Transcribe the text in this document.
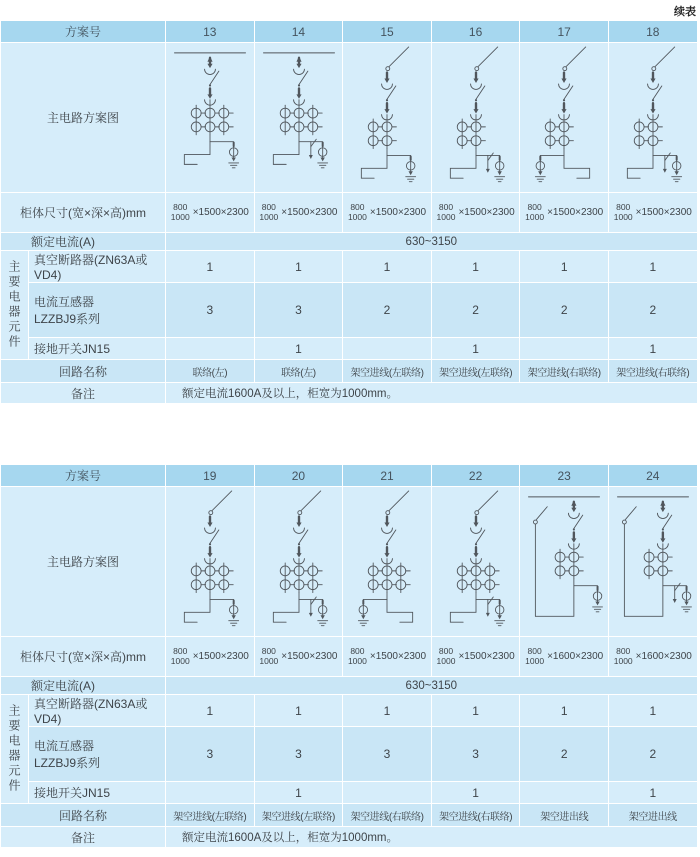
续表
方案号		13	14	15	16	17	18
主电路方案图	

柜体尺寸(宽×深×高)mm		800
1000 ×1500×2300	800
1000 ×1500×2300	800
1000 ×1500×2300	800
1000 ×1500×2300	800
1000 ×1500×2300	800
1000 ×1500×2300

额定电流(A)		630~3150					
主要电器元件	真空断路器(ZN63A或VD4)	1	1	1	1	1	1

	电流互感器
LZZBJ9系列	3	3	2	2	2	2
	接地开关JN15		1		1		1
回路名称		联络(左)	联络(左)	架空进线(左联络)	架空进线(左联络)	架空进线(右联络)	架空进线(右联络)
备注		额定电流1600A及以上，柜宽为1000mm。					
方案号		19	20	21	22	23	24
主电路方案图	

柜体尺寸(宽×深×高)mm		800
1000 ×1500×2300	800
1000 ×1500×2300	800
1000 ×1500×2300	800
1000 ×1500×2300	800
1000 ×1600×2300	800
1000 ×1600×2300

额定电流(A)		630~3150					
主要电器元件	真空断路器(ZN63A或VD4)	1	1	1	1	1	1

	电流互感器
LZZBJ9系列	3	3	3	3	2	2
	接地开关JN15		1		1		1
回路名称		架空进线(左联络)	架空进线(左联络)	架空进线(右联络)	架空进线(右联络)	架空进出线	架空进出线
备注		额定电流1600A及以上，柜宽为1000mm。					
